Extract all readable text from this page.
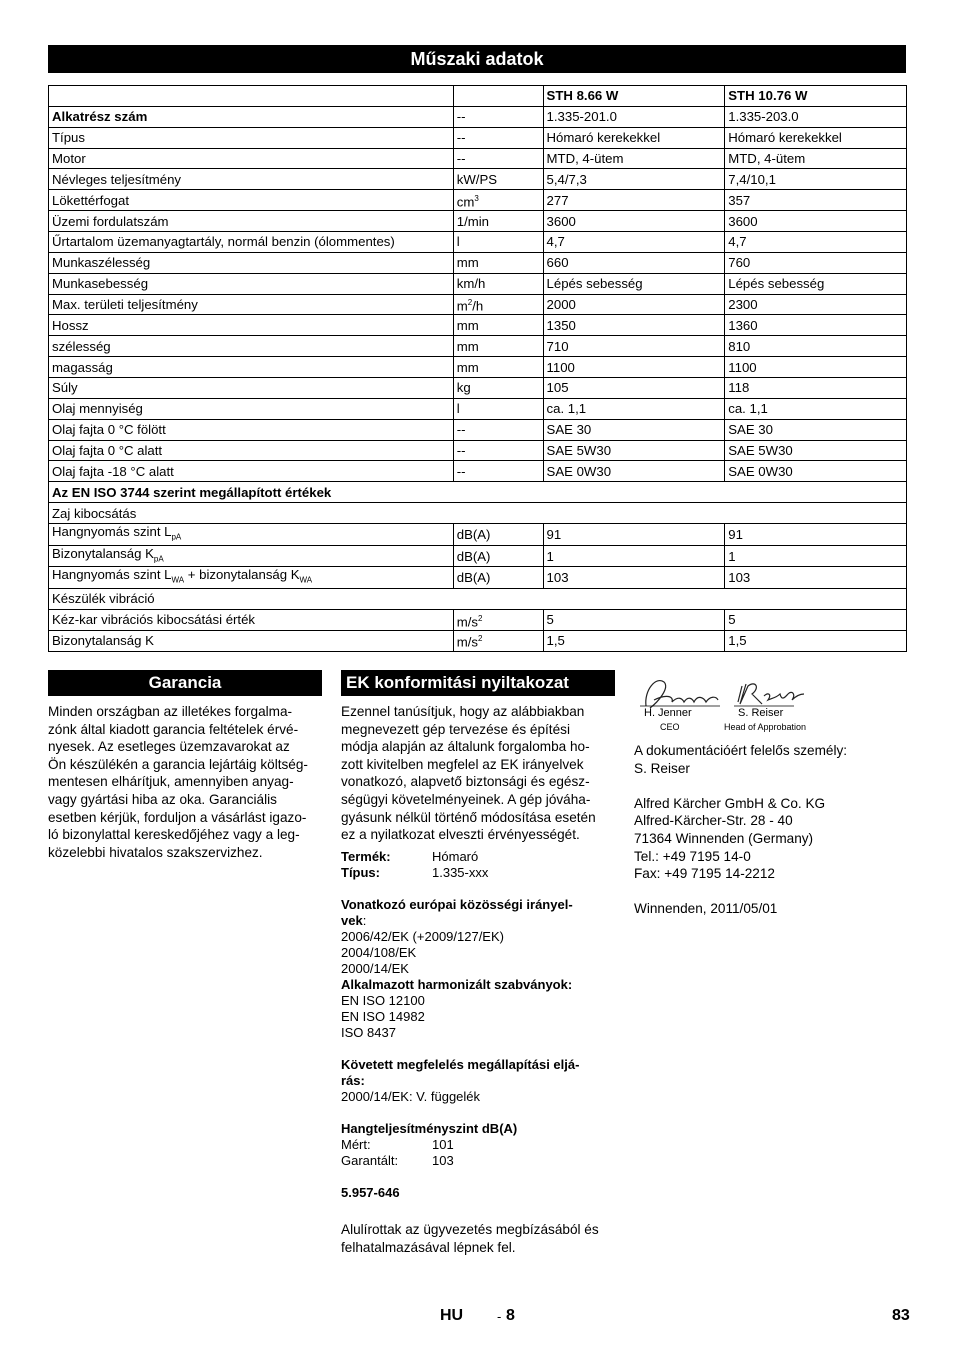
Műszaki adatok
		STH 8.66 W	STH 10.76 W
Alkatrész szám	--	1.335-201.0	1.335-203.0
Típus	--	Hómaró kerekekkel	Hómaró kerekekkel
Motor	--	MTD, 4-ütem	MTD, 4-ütem
Névleges teljesítmény	kW/PS	5,4/7,3	7,4/10,1
Lökettérfogat	$cm^3$	277	357
Üzemi fordulatszám	1/min	3600	3600
Űrtartalom üzemanyagtartály, normál benzin (ólommentes)	l	4,7	4,7
Munkaszélesség	mm	660	760
Munkasebesség	km/h	Lépés sebesség	Lépés sebesség
Max. területi teljesítmény	$m^2/h$	2000	2300
Hossz	mm	1350	1360
szélesség	mm	710	810
magasság	mm	1100	1100
Súly	kg	105	118
Olaj mennyiség	l	ca. 1,1	ca. 1,1
Olaj fajta 0 °C fölött	--	SAE 30	SAE 30
Olaj fajta 0 °C alatt	--	SAE 5W30	SAE 5W30
Olaj fajta -18 °C alatt	--	SAE 0W30	SAE 0W30
Az EN ISO 3744 szerint megállapított értékek			
Zaj kibocsátás			
Hangnyomás szint $L_{pA}$	dB(A)	91	91
Bizonytalanság $K_{pA}$	dB(A)	1	1
Hangnyomás szint $L_{WA}$ + bizonytalanság $K_{WA}$	dB(A)	103	103
Készülék vibráció			
Kéz-kar vibrációs kibocsátási érték	$m/s^2$	5	5
Bizonytalanság K	$m/s^2$	1,5	1,5
Garancia
Minden országban az illetékes forgalma-
zónk által kiadott garancia feltételek érvé-
nyesek. Az esetleges üzemzavarokat az
Ön készülékén a garancia lejártáig költség-
mentesen elhárítjuk, amennyiben anyag-
vagy gyártási hiba az oka. Garanciális
esetben kérjük, forduljon a vásárlást igazo-
ló bizonylattal kereskedőjéhez vagy a leg-
közelebbi hivatalos szakszervizhez.
EK konformitási nyiltakozat
Ezennel tanúsítjuk, hogy az alábbiakban
megnevezett gép tervezése és építési
módja alapján az általunk forgalomba ho-
zott kivitelben megfelel az EK irányelvek
vonatkozó, alapvető biztonsági és egész-
ségügyi követelményeinek. A gép jóváha-
gyásunk nélkül történő módosítása esetén
ez a nyilatkozat elveszti érvényességét.
Termék:	Hómaró
Típus:	1.335-xxx
Vonatkozó európai közösségi irányel-
vek:
2006/42/EK (+2009/127/EK)
2004/108/EK
2000/14/EK
Alkalmazott harmonizált szabványok:
EN ISO 12100
EN ISO 14982
ISO 8437
Követett megfelelés megállapítási eljá-
rás:
2000/14/EK: V. függelék
Hangteljesítményszint dB(A)
Mért:	101
Garantált:	103
5.957-646
Alulírottak az ügyvezetés megbízásából és
felhatalmazásával lépnek fel.
H. Jenner
CEO
S. Reiser
Head of Approbation
A dokumentációért felelős személy:
S. Reiser
Alfred Kärcher GmbH & Co. KG
Alfred-Kärcher-Str. 28 - 40
71364 Winnenden (Germany)
Tel.: +49 7195 14-0
Fax: +49 7195 14-2212
Winnenden, 2011/05/01
HU	- 8	83
